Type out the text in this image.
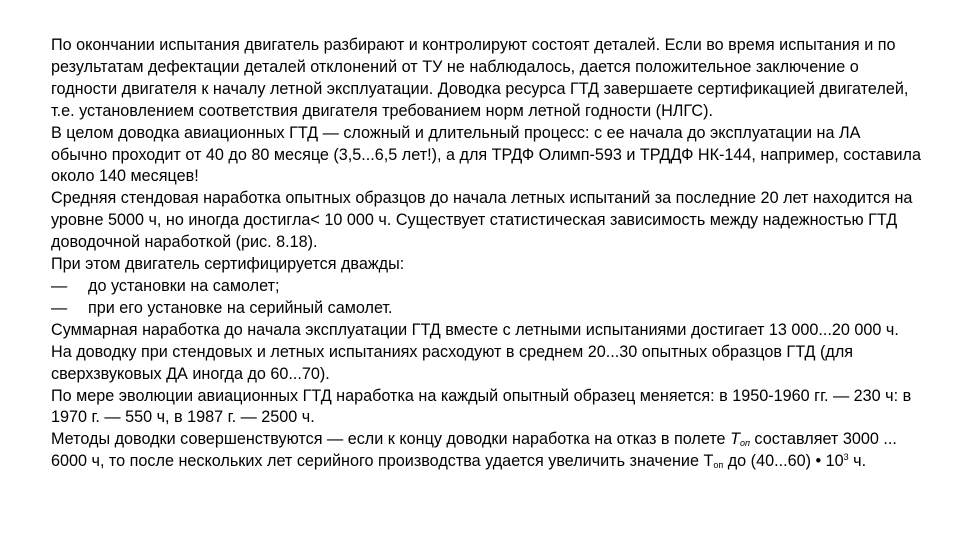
По окончании испытания двигатель разбирают и контролируют состоят деталей. Если во время испытания и по результатам дефектации деталей отклонений от ТУ не наблюдалось, дается положительное заключение о годности двигателя к началу летной эксплуатации. Доводка ресурса ГТД завершаете сертификацией двигателей, т.е. установлением соответствия двигателя требованием норм летной годности (НЛГС).

В целом доводка авиационных ГТД — сложный и длительный процесс: с ее начала до эксплуатации на ЛА обычно проходит от 40 до 80 месяце (3,5...6,5 лет!), а для ТРДФ Олимп-593 и ТРДДФ НК-144, например, составила около 140 месяцев!

Средняя стендовая наработка опытных образцов до начала летных испытаний за последние 20 лет находится на уровне 5000 ч, но иногда достигла< 10 000 ч. Существует статистическая зависимость между надежностью ГТД доводочной наработкой (рис. 8.18).

При этом двигатель сертифицируется дважды:

—	до установки на самолет;
—	при его установке на серийный самолет.

Суммарная наработка до начала эксплуатации ГТД вместе с летными испытаниями достигает 13 000...20 000 ч. На доводку при стендовых и летных испытаниях расходуют в среднем 20...30 опытных образцов ГТД (для сверхзвуковых ДА иногда до 60...70).

По мере эволюции авиационных ГТД наработка на каждый опытный образец меняется: в 1950-1960 гг. — 230 ч: в 1970 г. — 550 ч, в 1987 г. — 2500 ч.

Методы доводки совершенствуются — если к концу доводки наработка на отказ в полете $T_{оп}$ составляет 3000 ... 6000 ч, то после нескольких лет серийного производства удается увеличить значение $Т_{оп}$ до (40...60) • $10^3$ ч.
